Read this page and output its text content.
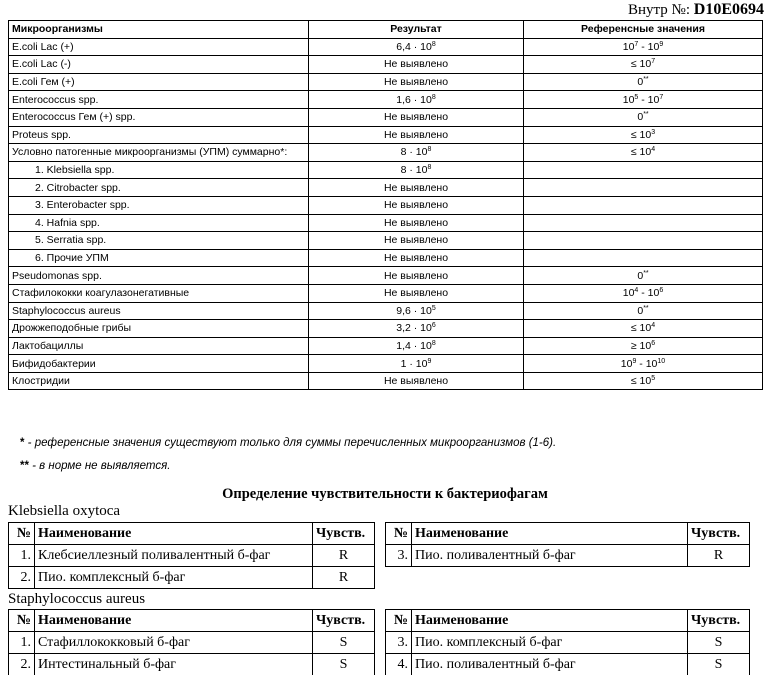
Внутр №: D10E0694
Микроорганизмы	Результат	Референсные значения
E.coli Lac (+)	$6,4 \cdot 10^8$	$10^7 - 10^9$
E.coli Lac (-)	Не выявлено	≤ $10^7$
E.coli Гем (+)	Не выявлено	0**
Enterococcus spp.	$1,6 \cdot 10^8$	$10^5 - 10^7$
Enterococcus Гем (+) spp.	Не выявлено	0**
Proteus spp.	Не выявлено	≤ $10^3$
Условно патогенные микроорганизмы (УПМ) суммарно*:	$8 \cdot 10^8$	≤ $10^4$
1. Klebsiella spp.	$8 \cdot 10^8$	
2. Citrobacter spp.	Не выявлено	
3. Enterobacter spp.	Не выявлено	
4. Hafnia spp.	Не выявлено	
5. Serratia spp.	Не выявлено	
6. Прочие УПМ	Не выявлено	
Pseudomonas spp.	Не выявлено	0**
Стафилококки коагулазонегативные	Не выявлено	$10^4 - 10^6$
Staphylococcus aureus	$9,6 \cdot 10^5$	0**
Дрожжеподобные грибы	$3,2 \cdot 10^6$	≤ $10^4$
Лактобациллы	$1,4 \cdot 10^8$	≥ $10^6$
Бифидобактерии	$1 \cdot 10^9$	$10^9 - 10^{10}$
Клостридии	Не выявлено	≤ $10^5$
* - референсные значения существуют только для суммы перечисленных микроорганизмов (1-6).
** - в норме не выявляется.
Определение чувствительности к бактериофагам
Klebsiella oxytoca
№	Наименование	Чувств.
1.	Клебсиеллезный поливалентный б-фаг	R
2.	Пио. комплексный б-фаг	R
№	Наименование	Чувств.
3.	Пио. поливалентный б-фаг	R
Staphylococcus aureus
№	Наименование	Чувств.
1.	Стафиллококковый б-фаг	S
2.	Интестинальный б-фаг	S
№	Наименование	Чувств.
3.	Пио. комплексный б-фаг	S
4.	Пио. поливалентный б-фаг	S
